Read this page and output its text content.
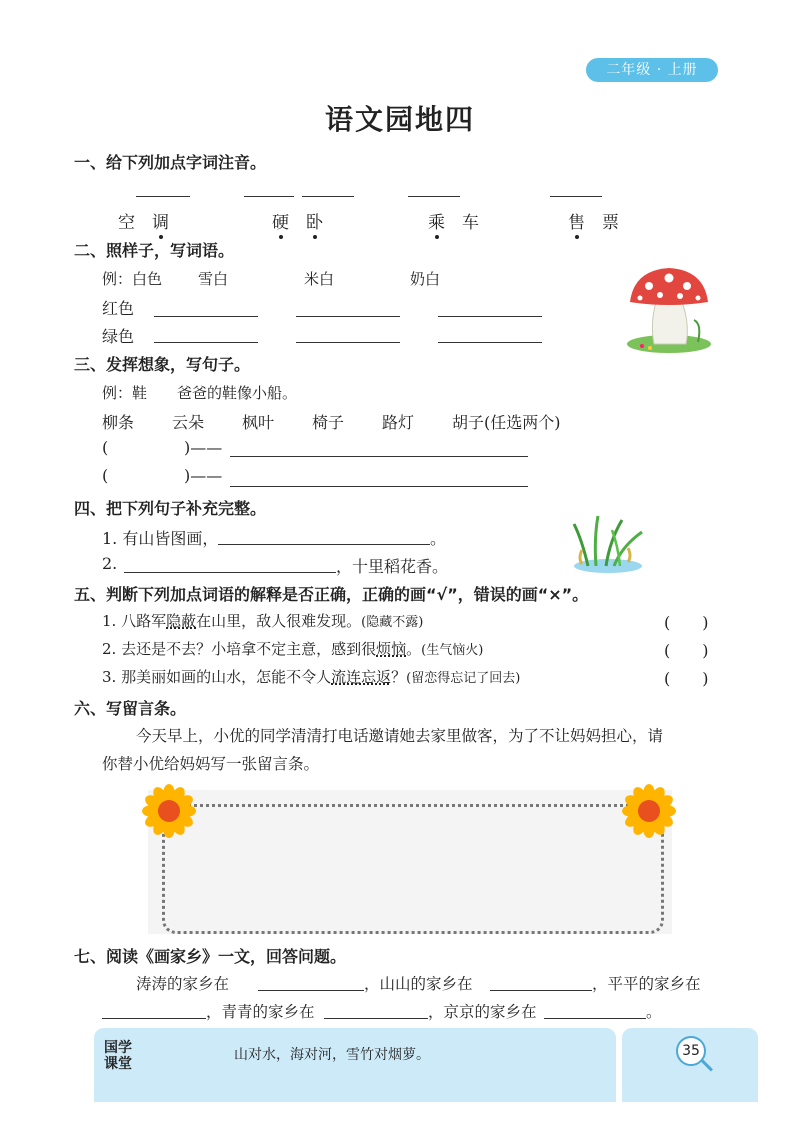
二年级 · 上册
语文园地四
一、给下列加点字词注音。
空　 调	硬　 卧	乘　 车	售　 票
二、照样子，写词语。
例：白色 雪白	米白	奶白
红色
绿色
三、发挥想象，写句子。
例：鞋　　爸爸的鞋像小船。
柳条 云朵 枫叶 椅子 路灯 胡子(任选两个)
(	)——
(	)——
四、把下列句子补充完整。
1. 有山皆图画，	。
2.	，十里稻花香。
五、判断下列加点词语的解释是否正确，正确的画“√”，错误的画“×”。
1. 八路军隐蔽在山里，敌人很难发现。(隐藏不露)	(　　)
2. 去还是不去？小培拿不定主意，感到很烦恼。(生气恼火)	(　　)
3. 那美丽如画的山水，怎能不令人流连忘返？(留恋得忘记了回去)	(　　)
六、写留言条。
今天早上，小优的同学清清打电话邀请她去家里做客，为了不让妈妈担心，请
你替小优给妈妈写一张留言条。
七、阅读《画家乡》一文，回答问题。
涛涛的家乡在	，山山的家乡在	，平平的家乡在
，青青的家乡在	，京京的家乡在	。
国学
课堂
山对水，海对河，雪竹对烟萝。	35
